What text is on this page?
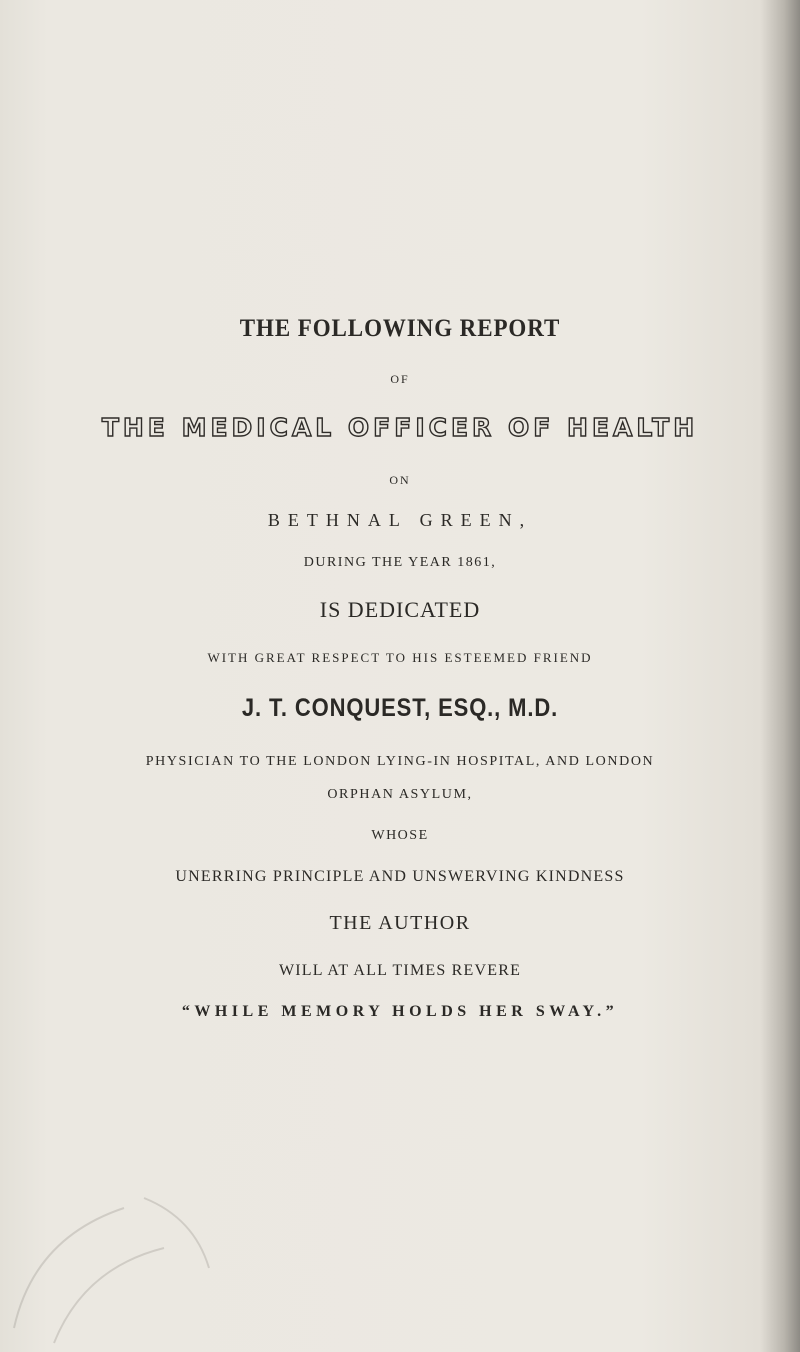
THE FOLLOWING REPORT
OF
THE MEDICAL OFFICER OF HEALTH
ON
BETHNAL GREEN,
DURING THE YEAR 1861,
IS DEDICATED
WITH GREAT RESPECT TO HIS ESTEEMED FRIEND
J. T. CONQUEST, ESQ., M.D.
PHYSICIAN TO THE LONDON LYING-IN HOSPITAL, AND LONDON
ORPHAN ASYLUM,
WHOSE
UNERRING PRINCIPLE AND UNSWERVING KINDNESS
THE AUTHOR
WILL AT ALL TIMES REVERE
“WHILE MEMORY HOLDS HER SWAY.”
